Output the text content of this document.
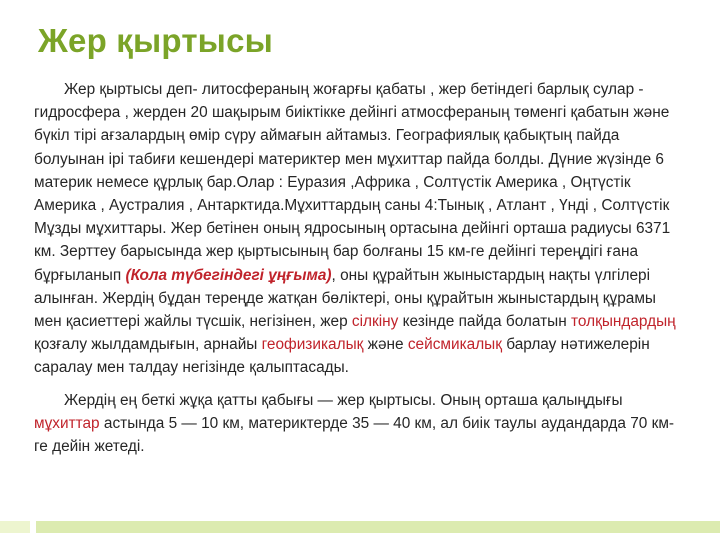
Жер қыртысы

Жер қыртысы деп- литосфераның жоғарғы қабаты , жер бетіндегі барлық сулар - гидросфера , жерден 20 шақырым биіктікке дейінгі атмосфераның төменгі қабатын және бүкіл тірі ағзалардың өмір сүру аймағын айтамыз. Географиялық қабықтың пайда болуынан ірі табиғи кешендері материктер мен мұхиттар пайда болды. Дүние жүзінде 6 материк немесе құрлық бар.Олар : Еуразия ,Африка , Солтүстік Америка , Оңтүстік Америка , Аустралия , Антарктида.Мұхиттардың саны 4:Тынық , Атлант , Үнді , Солтүстік Мұзды мұхиттары. Жер бетінен оның ядросының ортасына дейінгі орташа радиусы 6371 км. Зерттеу барысында жер қыртысының бар болғаны 15 км-ге дейінгі тереңдігі ғана бұрғыланып (Кола түбегіндегі ұңғыма), оны құрайтын жыныстардың нақты үлгілері алынған. Жердің бұдан тереңде жатқан бөліктері, оны құрайтын жыныстардың құрамы мен қасиеттері жайлы түсшік, негізінен, жер сілкіну кезінде пайда болатын толқындардың қозғалу жылдамдығын, арнайы геофизикалық және сейсмикалық барлау нәтижелерін саралау мен талдау негізінде қалыптасады.

Жердің ең беткі жұқа қатты қабығы — жер қыртысы. Оның орташа қалыңдығы мұхиттар астында 5 — 10 км, материктерде 35 — 40 км, ал биік таулы аудандарда 70 км-ге дейін жетеді.
